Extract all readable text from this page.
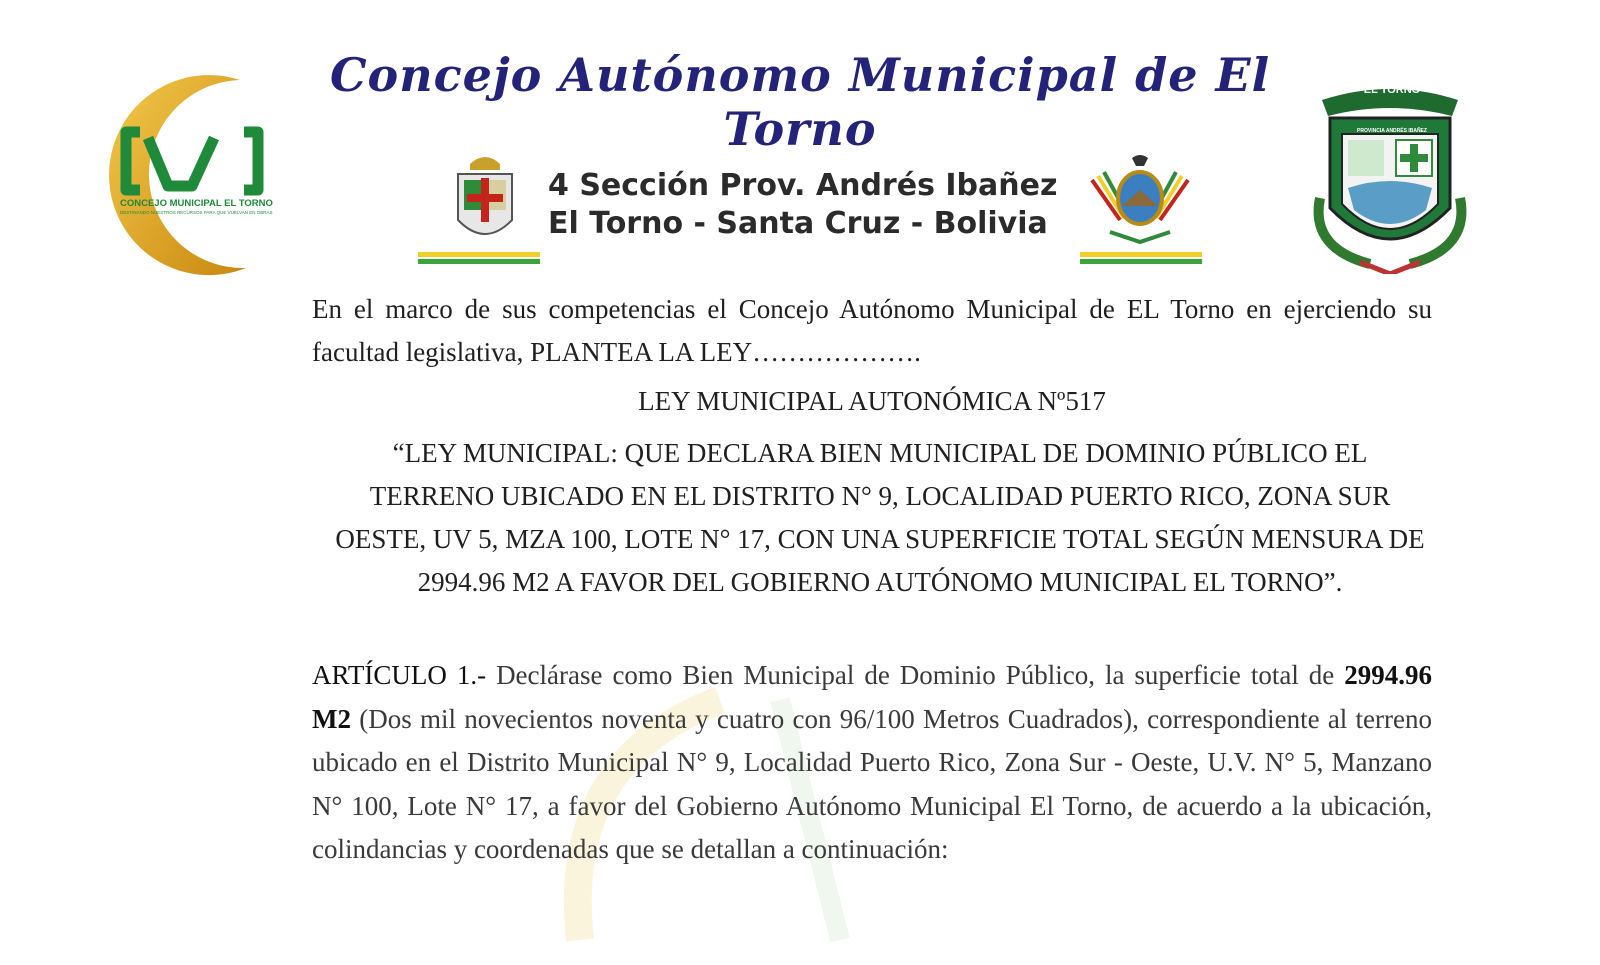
CONCEJO MUNICIPAL EL TORNO
DESTINANDO NUESTROS RECURSOS PARA QUE VUELVAN EN OBRAS
Concejo Autónomo Municipal de El Torno
4 Sección Prov. Andrés Ibañez
El Torno - Santa Cruz - Bolivia
EL TORNO
PROVINCIA ANDRÉS IBAÑEZ
En el marco de sus competencias el Concejo Autónomo Municipal de EL Torno en ejerciendo su facultad legislativa, PLANTEA LA LEY……………….
LEY MUNICIPAL AUTONÓMICA Nº517
“LEY MUNICIPAL: QUE DECLARA BIEN MUNICIPAL DE DOMINIO PÚBLICO EL TERRENO UBICADO EN EL DISTRITO N° 9, LOCALIDAD PUERTO RICO, ZONA SUR OESTE, UV 5, MZA 100, LOTE N° 17, CON UNA SUPERFICIE TOTAL SEGÚN MENSURA DE 2994.96 M2 A FAVOR DEL GOBIERNO AUTÓNOMO MUNICIPAL EL TORNO”.
ARTÍCULO 1.- Declárase como Bien Municipal de Dominio Público, la superficie total de 2994.96 M2 (Dos mil novecientos noventa y cuatro con 96/100 Metros Cuadrados), correspondiente al terreno ubicado en el Distrito Municipal N° 9, Localidad Puerto Rico, Zona Sur - Oeste, U.V. N° 5, Manzano N° 100, Lote N° 17, a favor del Gobierno Autónomo Municipal El Torno, de acuerdo a la ubicación, colindancias y coordenadas que se detallan a continuación:
